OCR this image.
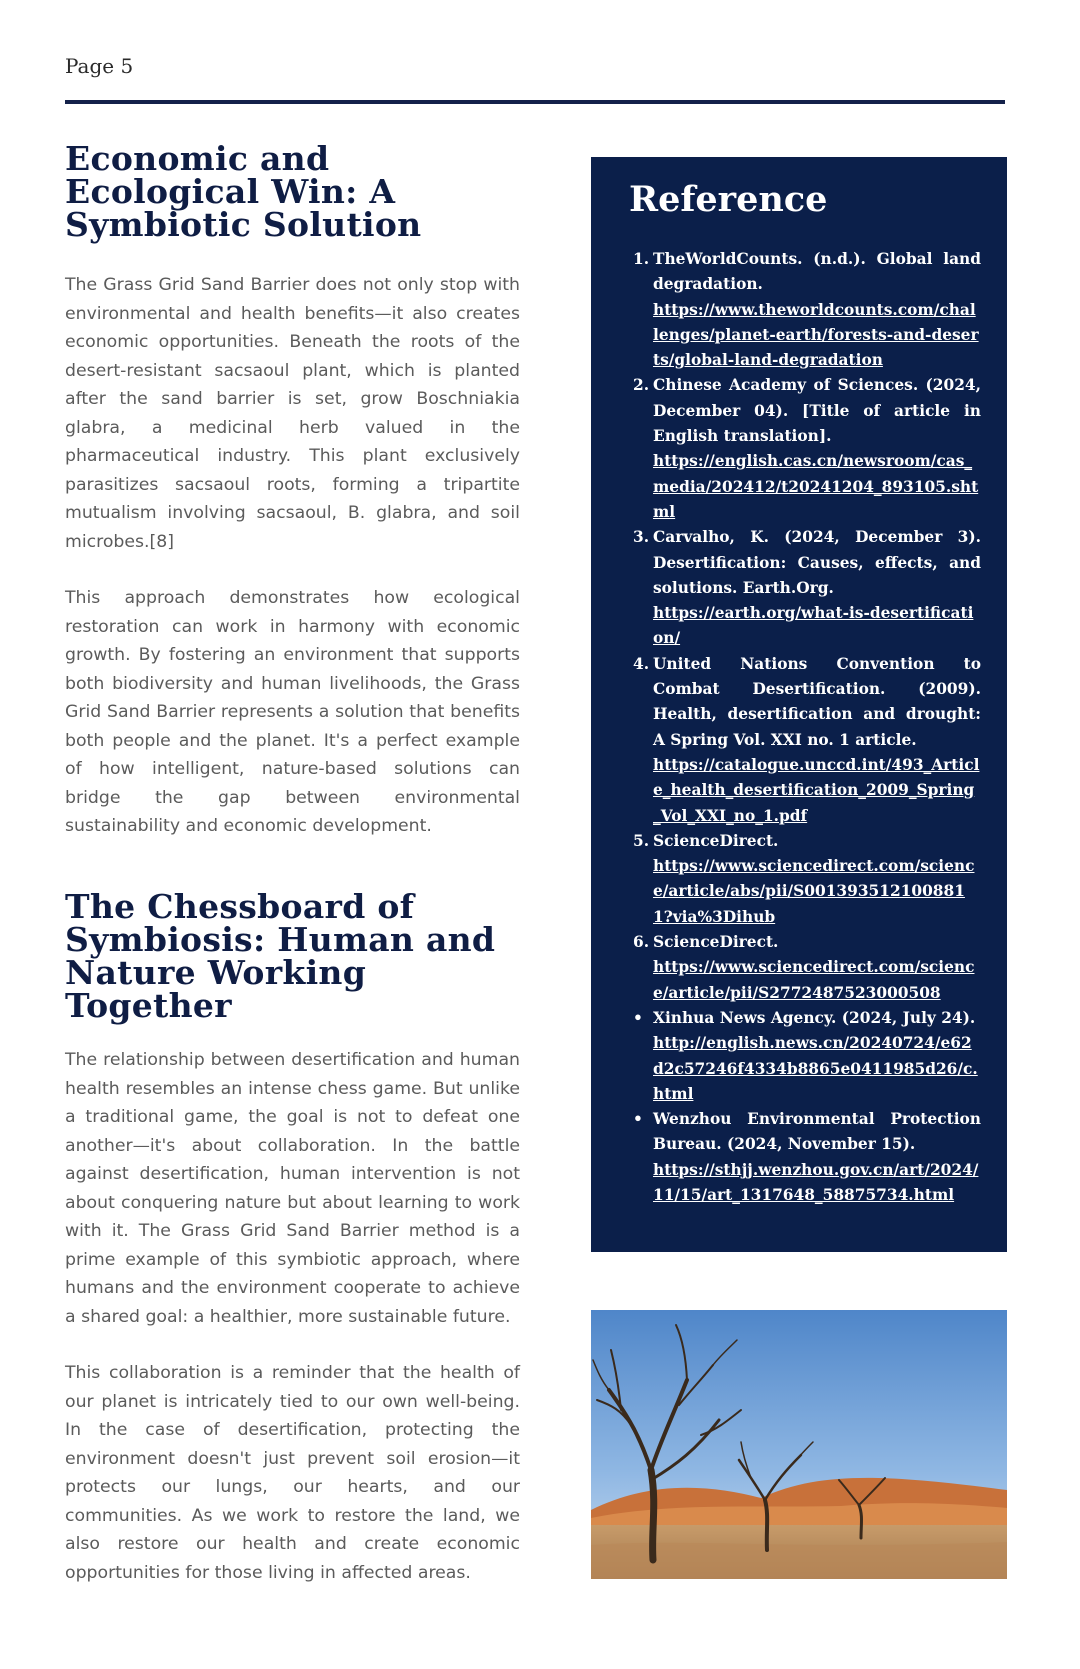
Page 5
Economic and Ecological Win: A Symbiotic Solution

The Grass Grid Sand Barrier does not only stop with environmental and health benefits—it also creates economic opportunities. Beneath the roots of the desert-resistant sacsaoul plant, which is planted after the sand barrier is set, grow Boschniakia glabra, a medicinal herb valued in the pharmaceutical industry. This plant exclusively parasitizes sacsaoul roots, forming a tripartite mutualism involving sacsaoul, B. glabra, and soil microbes.[8]

This approach demonstrates how ecological restoration can work in harmony with economic growth. By fostering an environment that supports both biodiversity and human livelihoods, the Grass Grid Sand Barrier represents a solution that benefits both people and the planet. It's a perfect example of how intelligent, nature-based solutions can bridge the gap between environmental sustainability and economic development.

The Chessboard of Symbiosis: Human and Nature Working Together

The relationship between desertification and human health resembles an intense chess game. But unlike a traditional game, the goal is not to defeat one another—it's about collaboration. In the battle against desertification, human intervention is not about conquering nature but about learning to work with it. The Grass Grid Sand Barrier method is a prime example of this symbiotic approach, where humans and the environment cooperate to achieve a shared goal: a healthier, more sustainable future.

This collaboration is a reminder that the health of our planet is intricately tied to our own well-being. In the case of desertification, protecting the environment doesn't just prevent soil erosion—it protects our lungs, our hearts, and our communities. As we work to restore the land, we also restore our health and create economic opportunities for those living in affected areas.

Reference
1. TheWorldCounts. (n.d.). Global land degradation.
https://www.theworldcounts.com/challenges/planet-earth/forests-and-deserts/global-land-degradation
2. Chinese Academy of Sciences. (2024, December 04). [Title of article in English translation].
https://english.cas.cn/newsroom/cas_media/202412/t20241204_893105.shtml
3. Carvalho, K. (2024, December 3). Desertification: Causes, effects, and solutions. Earth.Org.
https://earth.org/what-is-desertification/
4. United Nations Convention to Combat Desertification. (2009). Health, desertification and drought: A Spring Vol. XXI no. 1 article.
https://catalogue.unccd.int/493_Article_health_desertification_2009_Spring_Vol_XXI_no_1.pdf
5. ScienceDirect.
https://www.sciencedirect.com/science/article/abs/pii/S0013935121008811?via%3Dihub
6. ScienceDirect.
https://www.sciencedirect.com/science/article/pii/S2772487523000508
• Xinhua News Agency. (2024, July 24).
http://english.news.cn/20240724/e62d2c57246f4334b8865e0411985d26/c.html
• Wenzhou Environmental Protection Bureau. (2024, November 15).
https://sthjj.wenzhou.gov.cn/art/2024/11/15/art_1317648_58875734.html
